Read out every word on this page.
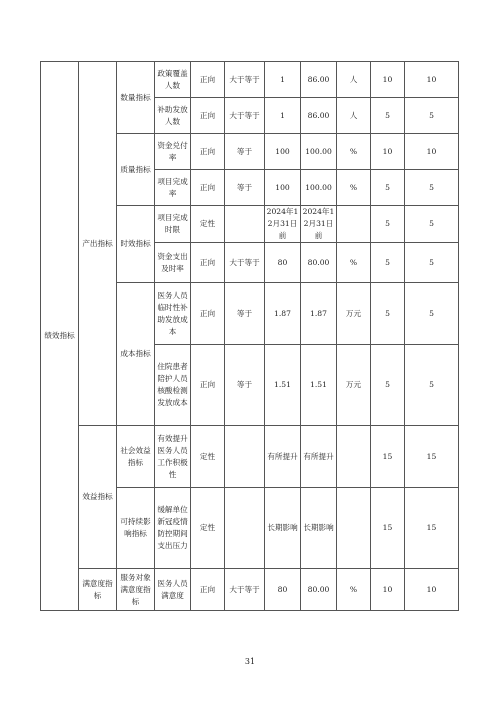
绩效指标	产出指标	数量指标	政策覆盖人数	正向	大于等于	1	86.00	人	10	10
			补助发放人数	正向	大于等于	1	86.00	人	5	5
		质量指标	资金兑付率	正向	等于	100	100.00	%	10	10
			项目完成率	正向	等于	100	100.00	%	5	5
		时效指标	项目完成时限	定性		2024年12月31日前	2024年12月31日前		5	5
			资金支出及时率	正向	大于等于	80	80.00	%	5	5
		成本指标	医务人员临时性补助发放成本	正向	等于	1.87	1.87	万元	5	5
			住院患者陪护人员核酸检测发放成本	正向	等于	1.51	1.51	万元	5	5
	效益指标	社会效益指标	有效提升医务人员工作积极性	定性		有所提升	有所提升		15	15
		可持续影响指标	缓解单位新冠疫情防控期间支出压力	定性		长期影响	长期影响		15	15
	满意度指标	服务对象满意度指标	医务人员满意度	正向	大于等于	80	80.00	%	10	10
31
